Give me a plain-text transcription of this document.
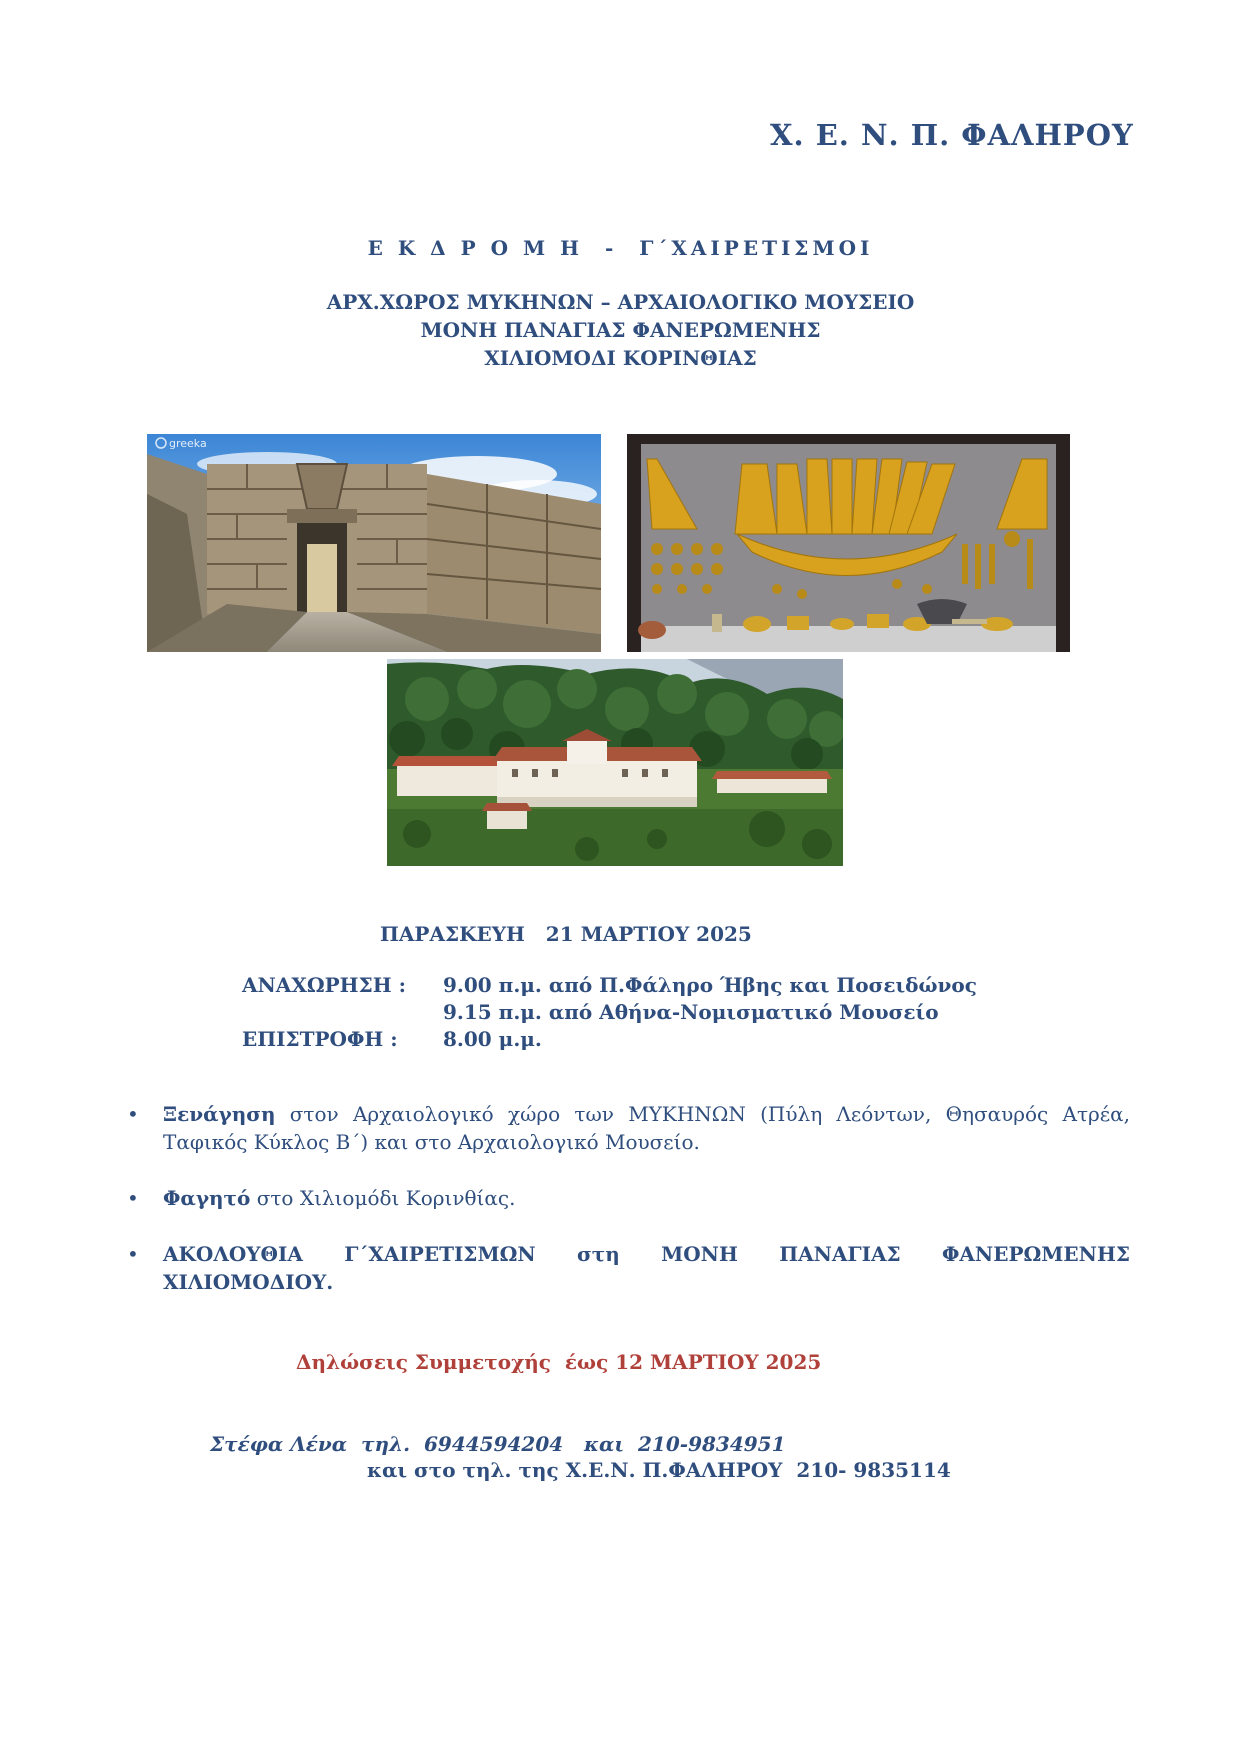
Χ. Ε. Ν. Π. ΦΑΛΗΡΟΥ
Ε Κ Δ Ρ Ο Μ Η  -  Γ΄ΧΑΙΡΕΤΙΣΜΟΙ
ΑΡΧ.ΧΩΡΟΣ ΜΥΚΗΝΩΝ – ΑΡΧΑΙΟΛΟΓΙΚΟ ΜΟΥΣΕΙΟ
ΜΟΝΗ ΠΑΝΑΓΙΑΣ ΦΑΝΕΡΩΜΕΝΗΣ
ΧΙΛΙΟΜΟΔΙ ΚΟΡΙΝΘΙΑΣ
greeka
ΠΑΡΑΣΚΕΥΗ   21 ΜΑΡΤΙΟΥ 2025
ΑΝΑΧΩΡΗΣΗ : 9.00 π.μ. από Π.Φάληρο Ήβης και Ποσειδώνος
9.15 π.μ. από Αθήνα-Νομισματικό Μουσείο
ΕΠΙΣΤΡΟΦΗ : 8.00 μ.μ.
• Ξενάγηση στον Αρχαιολογικό χώρο των ΜΥΚΗΝΩΝ (Πύλη Λεόντων, Θησαυρός Ατρέα, Ταφικός Κύκλος Β΄) και στο Αρχαιολογικό Μουσείο.
• Φαγητό στο Χιλιομόδι Κορινθίας.
• ΑΚΟΛΟΥΘΙΑ Γ΄ΧΑΙΡΕΤΙΣΜΩΝ στη ΜΟΝΗ ΠΑΝΑΓΙΑΣ ΦΑΝΕΡΩΜΕΝΗΣ ΧΙΛΙΟΜΟΔΙΟΥ.
Δηλώσεις Συμμετοχής  έως 12 ΜΑΡΤΙΟΥ 2025
Στέφα Λένα  τηλ.  6944594204   και  210-9834951
και στο τηλ. της Χ.Ε.Ν. Π.ΦΑΛΗΡΟΥ  210- 9835114
